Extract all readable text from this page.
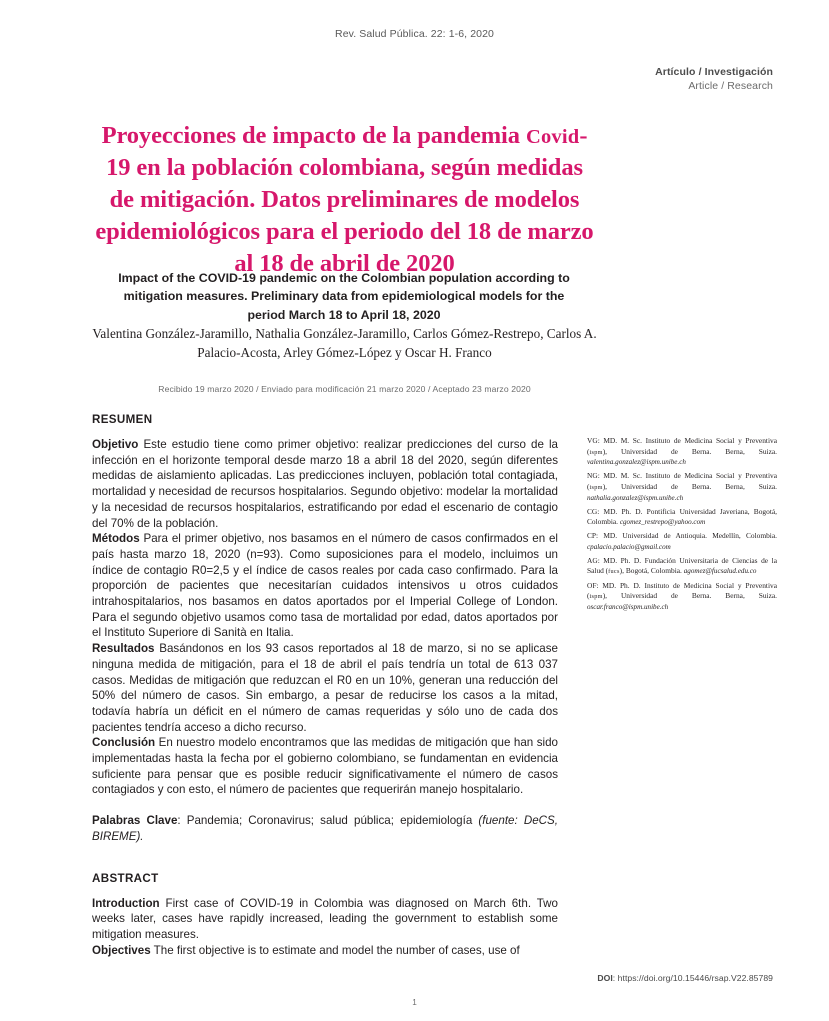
Rev. Salud Pública. 22: 1-6, 2020
Artículo / Investigación
Article / Research
Proyecciones de impacto de la pandemia Covid-19 en la población colombiana, según medidas de mitigación. Datos preliminares de modelos epidemiológicos para el periodo del 18 de marzo al 18 de abril de 2020
Impact of the COVID-19 pandemic on the Colombian population according to mitigation measures. Preliminary data from epidemiological models for the period March 18 to April 18, 2020
Valentina González-Jaramillo, Nathalia González-Jaramillo, Carlos Gómez-Restrepo, Carlos A. Palacio-Acosta, Arley Gómez-López y Oscar H. Franco
Recibido 19 marzo 2020 / Enviado para modificación 21 marzo 2020 / Aceptado 23 marzo 2020
RESUMEN

Objetivo Este estudio tiene como primer objetivo: realizar predicciones del curso de la infección en el horizonte temporal desde marzo 18 a abril 18 del 2020, según diferentes medidas de aislamiento aplicadas. Las predicciones incluyen, población total contagiada, mortalidad y necesidad de recursos hospitalarios. Segundo objetivo: modelar la mortalidad y la necesidad de recursos hospitalarios, estratificando por edad el escenario de contagio del 70% de la población.

Métodos Para el primer objetivo, nos basamos en el número de casos confirmados en el país hasta marzo 18, 2020 (n=93). Como suposiciones para el modelo, incluimos un índice de contagio R0=2,5 y el índice de casos reales por cada caso confirmado. Para la proporción de pacientes que necesitarían cuidados intensivos u otros cuidados intrahospitalarios, nos basamos en datos aportados por el Imperial College of London. Para el segundo objetivo usamos como tasa de mortalidad por edad, datos aportados por el Instituto Superiore di Sanità en Italia.

Resultados Basándonos en los 93 casos reportados al 18 de marzo, si no se aplicase ninguna medida de mitigación, para el 18 de abril el país tendría un total de 613 037 casos. Medidas de mitigación que reduzcan el R0 en un 10%, generan una reducción del 50% del número de casos. Sin embargo, a pesar de reducirse los casos a la mitad, todavía habría un déficit en el número de camas requeridas y sólo uno de cada dos pacientes tendría acceso a dicho recurso.

Conclusión En nuestro modelo encontramos que las medidas de mitigación que han sido implementadas hasta la fecha por el gobierno colombiano, se fundamentan en evidencia suficiente para pensar que es posible reducir significativamente el número de casos contagiados y con esto, el número de pacientes que requerirán manejo hospitalario.

Palabras Clave: Pandemia; Coronavirus; salud pública; epidemiología (fuente: DeCS, BIREME).

ABSTRACT

Introduction First case of COVID-19 in Colombia was diagnosed on March 6th. Two weeks later, cases have rapidly increased, leading the government to establish some mitigation measures.

Objectives The first objective is to estimate and model the number of cases, use of

VG: MD. M. Sc. Instituto de Medicina Social y Preventiva (ispm), Universidad de Berna. Berna, Suiza. valentina.gonzalez@ispm.unibe.ch

NG: MD. M. Sc. Instituto de Medicina Social y Preventiva (ispm), Universidad de Berna. Berna, Suiza. nathalia.gonzalez@ispm.unibe.ch

CG: MD. Ph. D. Pontificia Universidad Javeriana, Bogotá, Colombia. cgomez_restrepo@yahoo.com

CP: MD. Universidad de Antioquia. Medellín, Colombia. cpalacio.palacio@gmail.com

AG: MD. Ph. D. Fundación Universitaria de Ciencias de la Salud (fucs), Bogotá, Colombia. agomez@fucsalud.edu.co

OF: MD. Ph. D. Instituto de Medicina Social y Preventiva (ispm), Universidad de Berna. Berna, Suiza. oscar.franco@ispm.unibe.ch

DOI: https://doi.org/10.15446/rsap.V22.85789
1
